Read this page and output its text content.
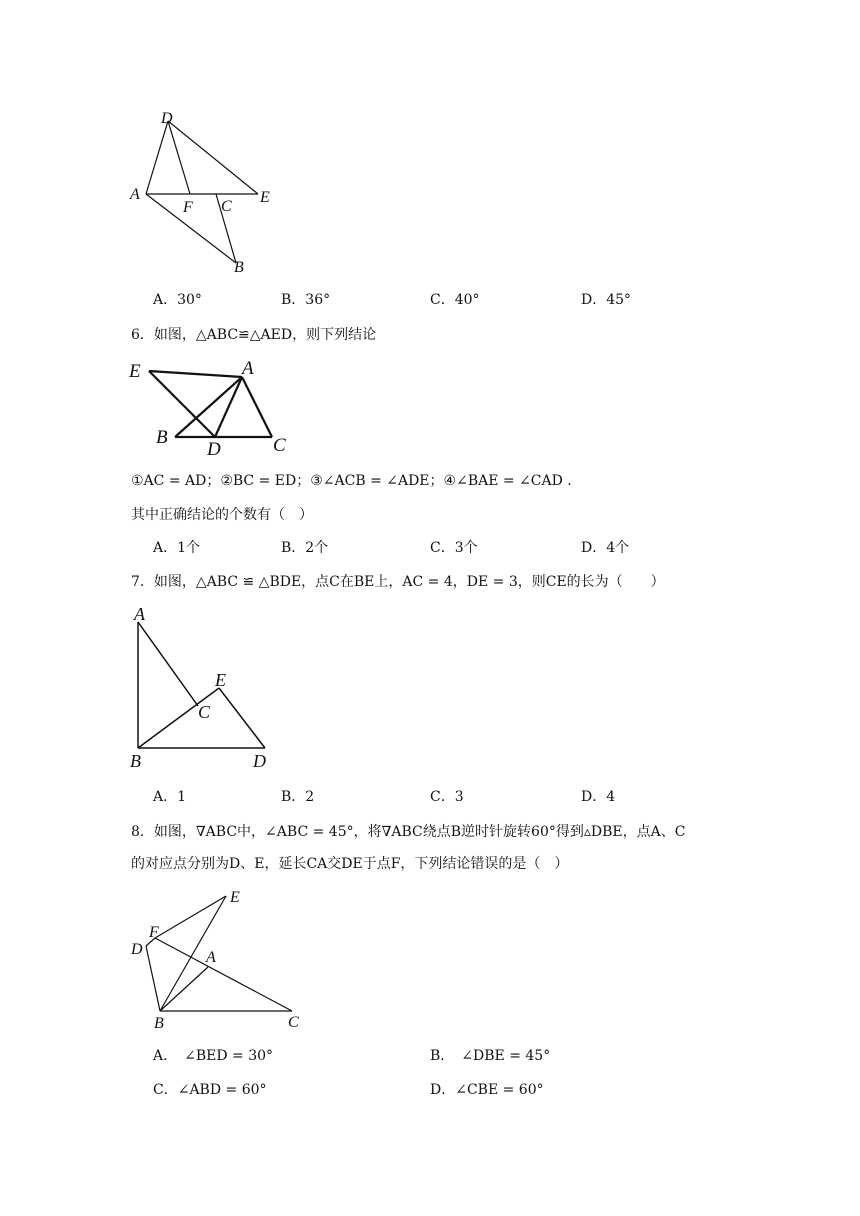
D
A
F C
E
B
A．30°	B．36°	C．40°	D．45°
6．如图，△ABC≌△AED，则下列结论
E	A
B
D	C
①AC = AD；②BC = ED；③∠ACB = ∠ADE；④∠BAE = ∠CAD .
其中正确结论的个数有（　）
A．1个	B．2个	C．3个	D．4个
7．如图，△ABC ≌ △BDE，点C在BE上，AC = 4，DE = 3，则CE的长为（　　）
A
E
C
B	D
A．1	B．2	C．3	D．4
8．如图，∇ABC中，∠ABC = 45°，将∇ABC绕点B逆时针旋转60°得到▵DBE，点A、C
的对应点分别为D、E，延长CA交DE于点F，下列结论错误的是（　）
E
F
D	A
B	C
A．　∠BED = 30°	B．　∠DBE = 45°
C．∠ABD = 60°	D．∠CBE = 60°
